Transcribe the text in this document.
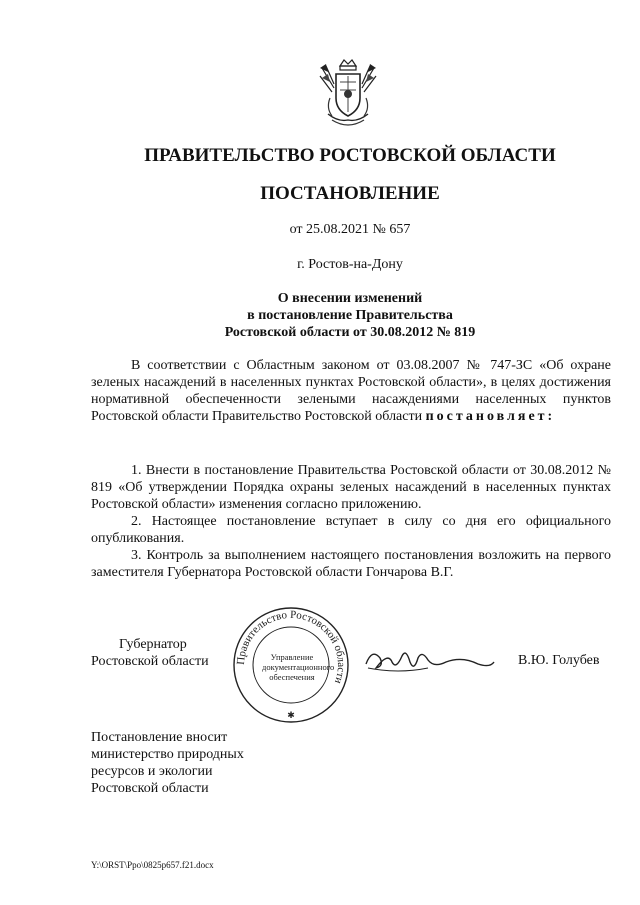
ПРАВИТЕЛЬСТВО РОСТОВСКОЙ ОБЛАСТИ
ПОСТАНОВЛЕНИЕ
от 25.08.2021 № 657
г. Ростов-на-Дону
О внесении изменений
в постановление Правительства
Ростовской области от 30.08.2012 № 819
В соответствии с Областным законом от 03.08.2007 № 747-ЗС «Об охране зеленых насаждений в населенных пунктах Ростовской области», в целях достижения нормативной обеспеченности зелеными насаждениями населенных пунктов Ростовской области Правительство Ростовской области постановляет:

1. Внести в постановление Правительства Ростовской области от 30.08.2012 № 819 «Об утверждении Порядка охраны зеленых насаждений в населенных пунктах Ростовской области» изменения согласно приложению.

2. Настоящее постановление вступает в силу со дня его официального опубликования.

3. Контроль за выполнением настоящего постановления возложить на первого заместителя Губернатора Ростовской области Гончарова В.Г.

Губернатор
Ростовской области Правительство Ростовской области
✱
Управление
документационного
обеспечения
В.Ю. Голубев
Постановление вносит
министерство природных
ресурсов и экологии
Ростовской области
Y:\ORST\Ppo\0825p657.f21.docx
